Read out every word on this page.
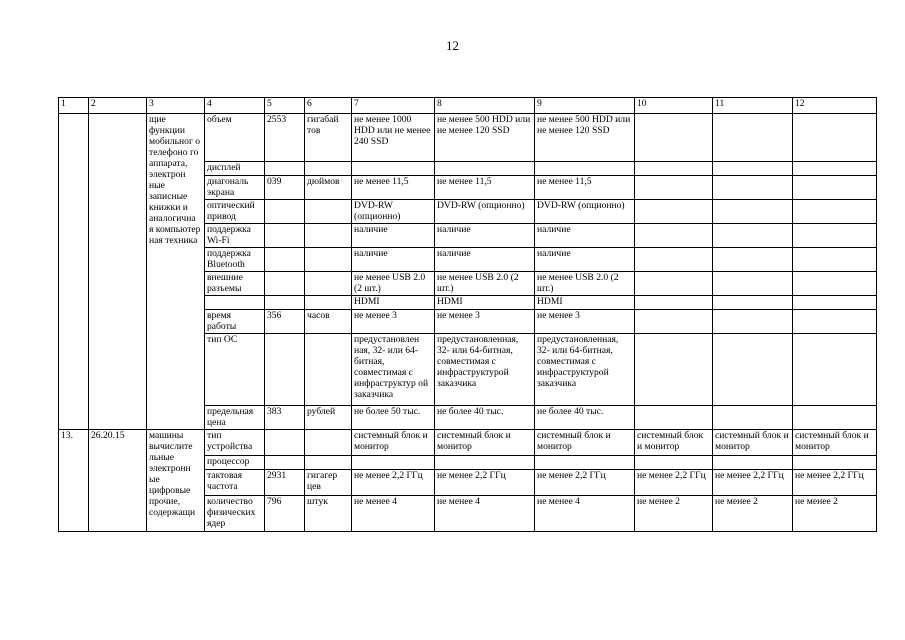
12
1	2	3	4	5	6	7	8	9	10	11	12
		щие функции мобильног о телефоно го аппарата, электрон ные записные книжки и аналогична я компьютер ная техника	объем	2553	гигабай тов	не менее 1000 HDD или не менее 240 SSD	не менее 500 HDD или не менее 120 SSD	не менее 500 HDD или не менее 120 SSD			
			дисплей								
			диагональ экрана	039	дюймов	не менее 11,5	не менее 11,5	не менее 11,5			
			оптический привод			DVD-RW (опционно)	DVD-RW (опционно)	DVD-RW (опционно)			
			поддержка Wi-Fi			наличие	наличие	наличие			
			поддержка Bluetooth			наличие	наличие	наличие			
			внешние разъемы			не менее USB 2.0 (2 шт.)	не менее USB 2.0 (2 шт.)	не менее USB 2.0 (2 шт.)			
						HDMI	HDMI	HDMI			
			время работы	356	часов	не менее 3	не менее 3	не менее 3			
			тип ОС			предустановлен ная, 32- или 64- битная, совместимая с инфраструктур ой заказчика	предустановленная, 32- или 64-битная, совместимая с инфраструктурой заказчика	предустановленная, 32- или 64-битная, совместимая с инфраструктурой заказчика			
			предельная цена	383	рублей	не более 50 тыс.	не более 40 тыс.	не более 40 тыс.			
13.	26.20.15	машины вычислите льные электронн ые цифровые прочие, содержащи	тип устройства			системный блок и монитор	системный блок и монитор	системный блок и монитор	системный блок и монитор	системный блок и монитор	системный блок и монитор
			процессор								
			тактовая частота	2931	гигагер цев	не менее 2,2 ГГц	не менее 2,2 ГГц	не менее 2,2 ГГц	не менее 2,2 ГГц	не менее 2,2 ГГц	не менее 2,2 ГГц
			количество физических ядер	796	штук	не менее 4	не менее 4	не менее 4	не менее 2	не менее 2	не менее 2
